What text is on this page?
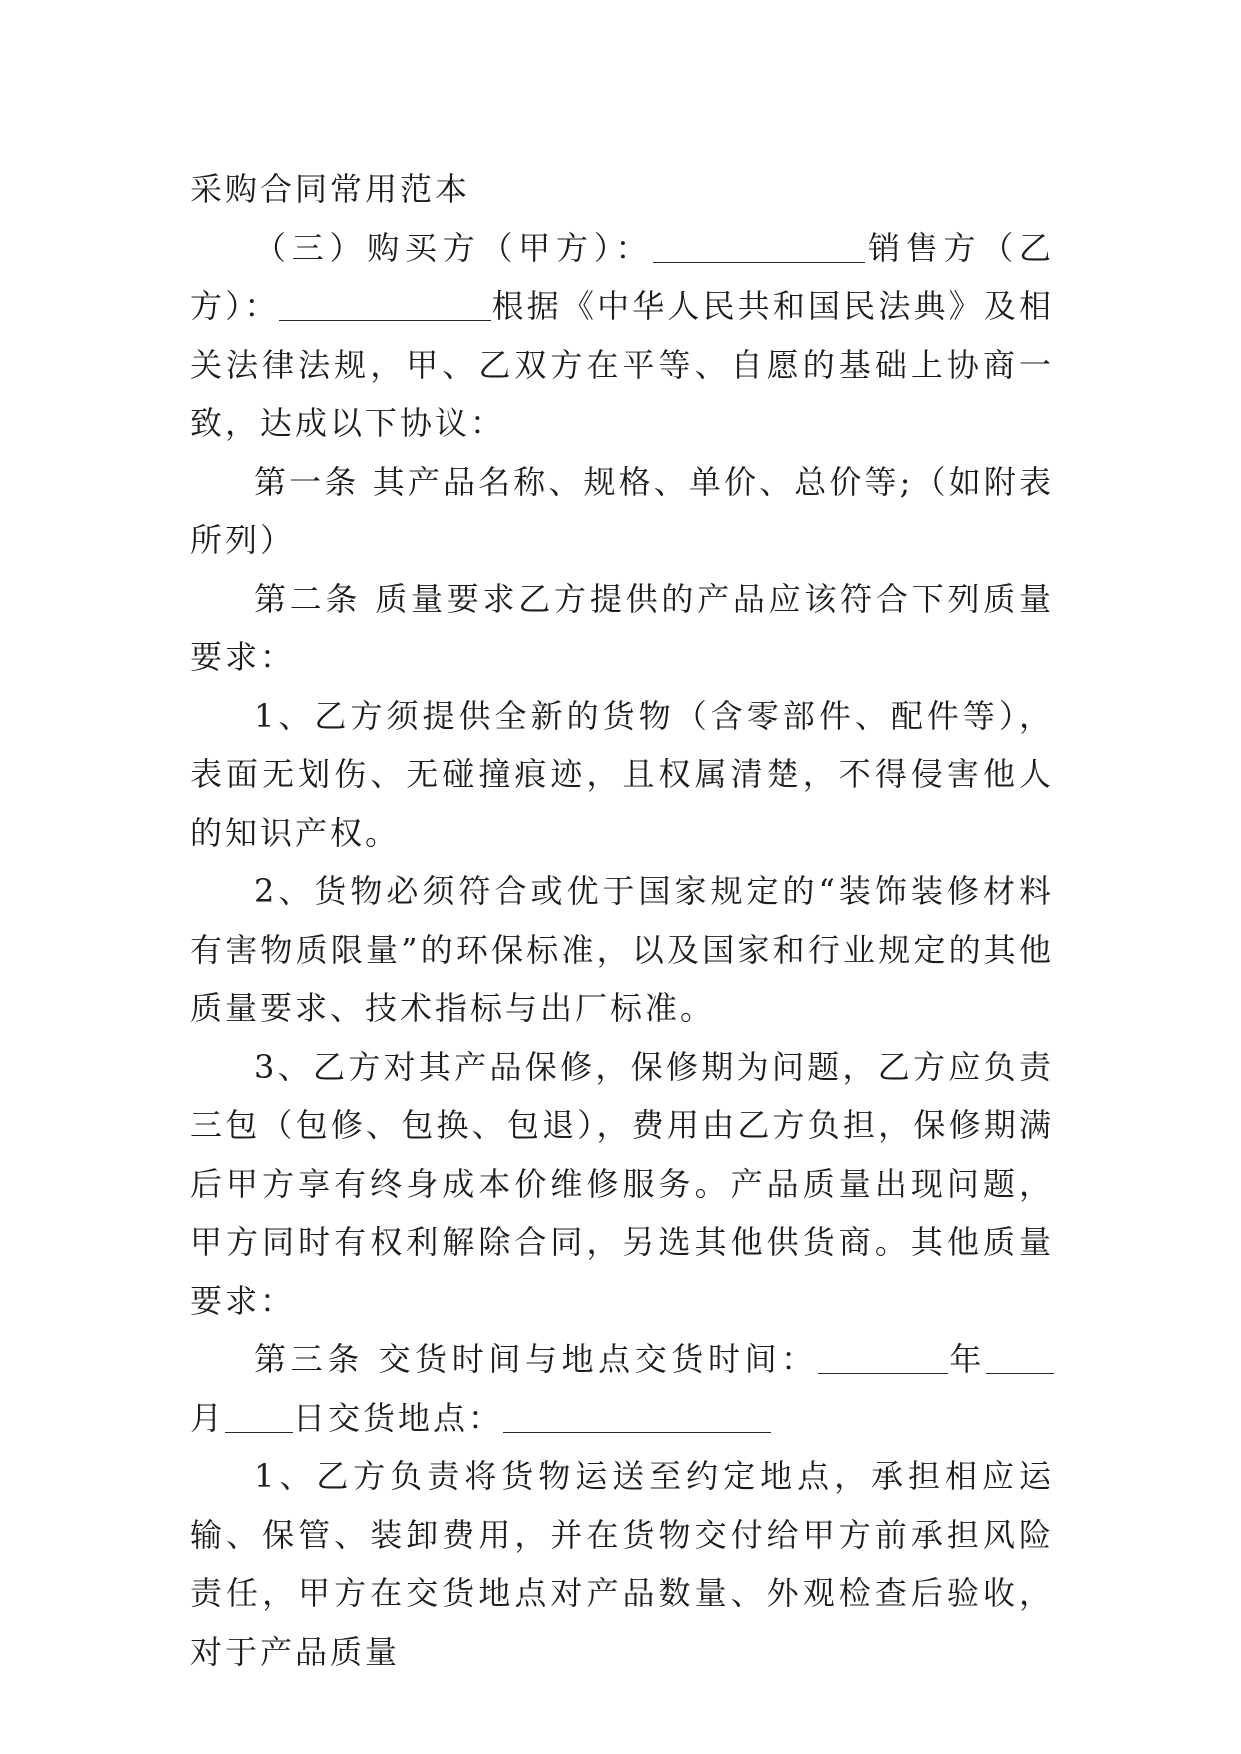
采购合同常用范本

（三）购买方（甲方）：	销售方（乙方）：	根据《中华人民共和国民法典》及相关法律法规，甲、乙双方在平等、自愿的基础上协商一致，达成以下协议：

第一条 其产品名称、规格、单价、总价等;（如附表所列）

第二条 质量要求乙方提供的产品应该符合下列质量要求：

1、乙方须提供全新的货物（含零部件、配件等），表面无划伤、无碰撞痕迹，且权属清楚，不得侵害他人的知识产权。

2、货物必须符合或优于国家规定的“装饰装修材料有害物质限量”的环保标准，以及国家和行业规定的其他质量要求、技术指标与出厂标准。

3、乙方对其产品保修，保修期为问题，乙方应负责三包（包修、包换、包退），费用由乙方负担，保修期满后甲方享有终身成本价维修服务。产品质量出现问题，甲方同时有权利解除合同，另选其他供货商。其他质量要求：

第三条 交货时间与地点交货时间：	年月 日交货地点：

1、乙方负责将货物运送至约定地点，承担相应运输、保管、装卸费用，并在货物交付给甲方前承担风险责任，甲方在交货地点对产品数量、外观检查后验收，对于产品质量
